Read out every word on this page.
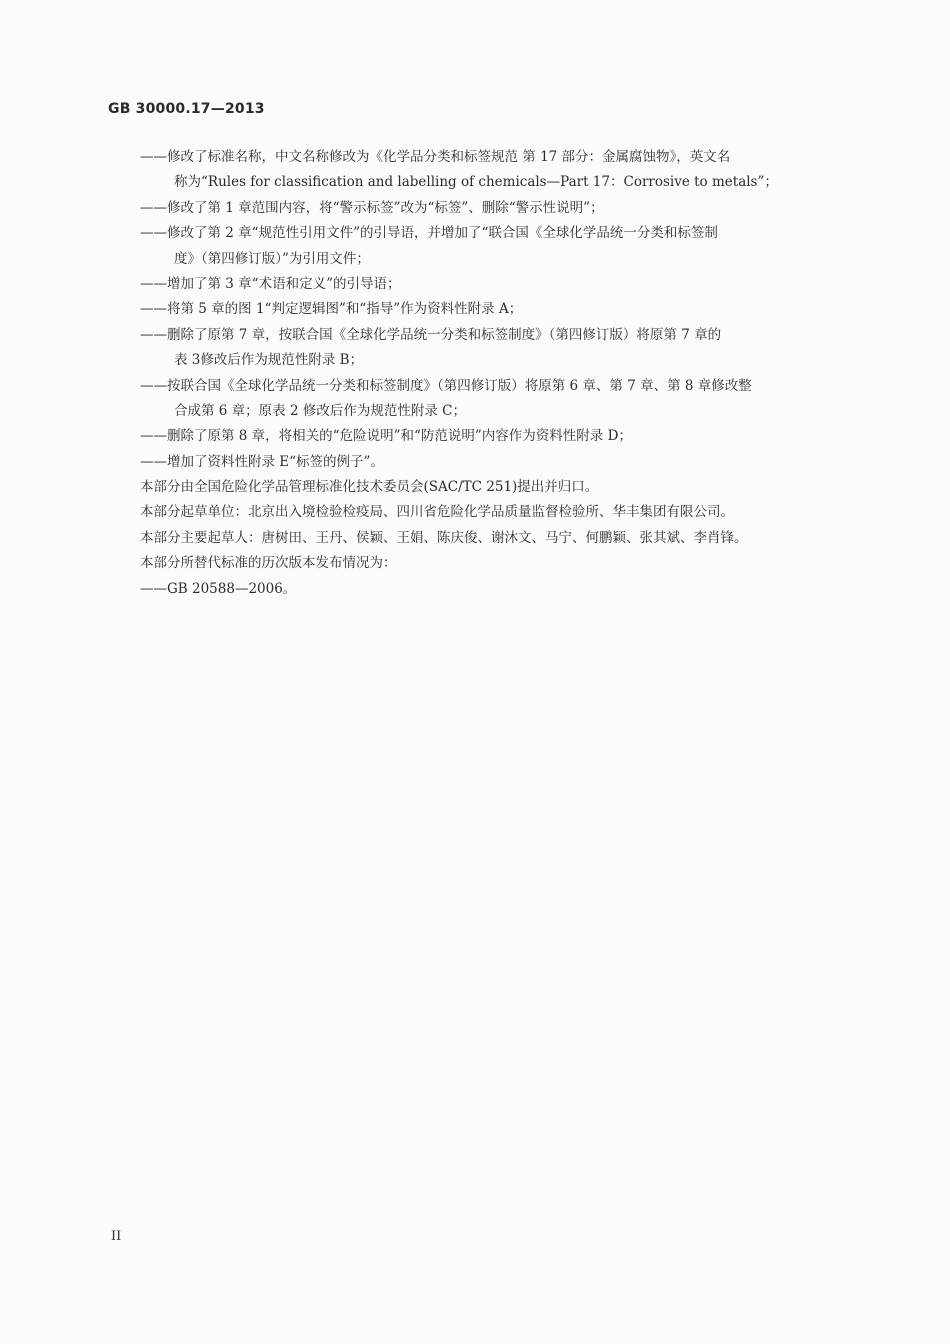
GB 30000.17—2013
——修改了标准名称，中文名称修改为《化学品分类和标签规范 第 17 部分：金属腐蚀物》，英文名
称为“Rules for classification and labelling of chemicals—Part 17：Corrosive to metals”；
——修改了第 1 章范围内容，将“警示标签”改为“标签”、删除“警示性说明”；
——修改了第 2 章“规范性引用文件”的引导语，并增加了“联合国《全球化学品统一分类和标签制
度》（第四修订版）”为引用文件；
——增加了第 3 章“术语和定义”的引导语；
——将第 5 章的图 1“判定逻辑图”和“指导”作为资料性附录 A；
——删除了原第 7 章，按联合国《全球化学品统一分类和标签制度》（第四修订版）将原第 7 章的
表 3修改后作为规范性附录 B；
——按联合国《全球化学品统一分类和标签制度》（第四修订版）将原第 6 章、第 7 章、第 8 章修改整
合成第 6 章；原表 2 修改后作为规范性附录 C；
——删除了原第 8 章，将相关的“危险说明”和“防范说明”内容作为资料性附录 D；
——增加了资料性附录 E“标签的例子”。
本部分由全国危险化学品管理标准化技术委员会(SAC/TC 251)提出并归口。
本部分起草单位：北京出入境检验检疫局、四川省危险化学品质量监督检验所、华丰集团有限公司。
本部分主要起草人：唐树田、王丹、侯颖、王娟、陈庆俊、谢沐文、马宁、何鹏颖、张其斌、李肖锋。
本部分所替代标准的历次版本发布情况为：
——GB 20588—2006。
II
